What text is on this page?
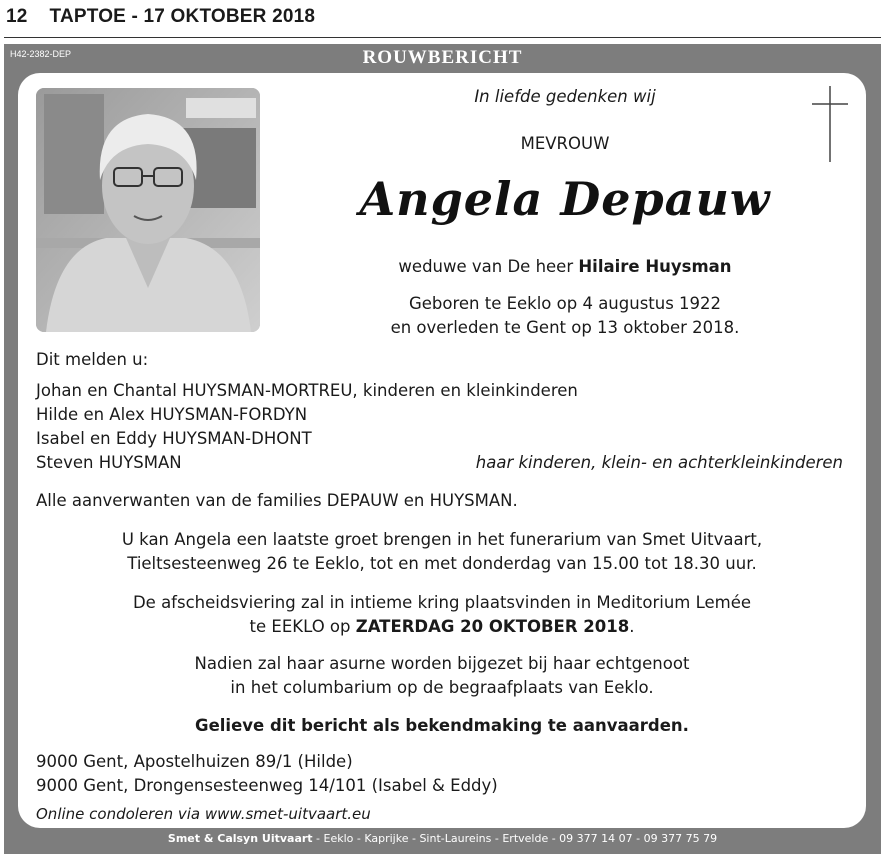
12 TAPTOE - 17 OKTOBER 2018
H42-2382-DEP	ROUWBERICHT
In liefde gedenken wij
MEVROUW
Angela Depauw
weduwe van De heer Hilaire Huysman
Geboren te Eeklo op 4 augustus 1922
en overleden te Gent op 13 oktober 2018.
Dit melden u:
Johan en Chantal HUYSMAN-MORTREU, kinderen en kleinkinderen
Hilde en Alex HUYSMAN-FORDYN
Isabel en Eddy HUYSMAN-DHONT
Steven HUYSMAN	haar kinderen, klein- en achterkleinkinderen
Alle aanverwanten van de families DEPAUW en HUYSMAN.
U kan Angela een laatste groet brengen in het funerarium van Smet Uitvaart,
Tieltsesteenweg 26 te Eeklo, tot en met donderdag van 15.00 tot 18.30 uur.
De afscheidsviering zal in intieme kring plaatsvinden in Meditorium Lemée
te EEKLO op ZATERDAG 20 OKTOBER 2018.
Nadien zal haar asurne worden bijgezet bij haar echtgenoot
in het columbarium op de begraafplaats van Eeklo.
Gelieve dit bericht als bekendmaking te aanvaarden.
9000 Gent, Apostelhuizen 89/1 (Hilde)
9000 Gent, Drongensesteenweg 14/101 (Isabel & Eddy)
Online condoleren via www.smet-uitvaart.eu
Smet & Calsyn Uitvaart - Eeklo - Kaprijke - Sint-Laureins - Ertvelde - 09 377 14 07 - 09 377 75 79
